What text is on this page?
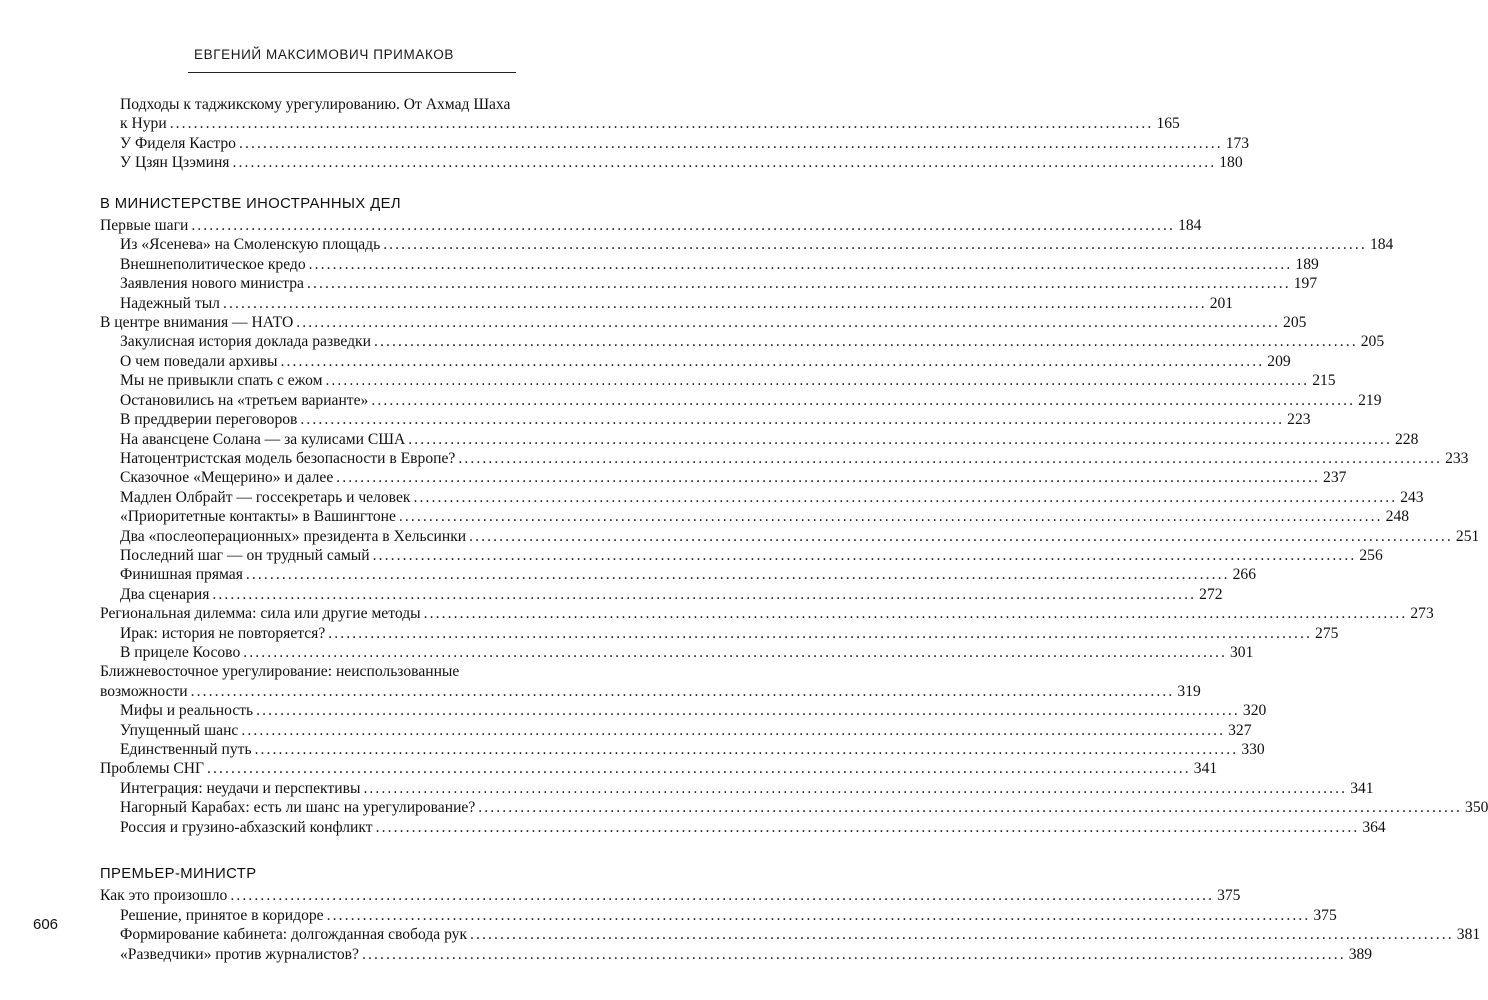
ЕВГЕНИЙ МАКСИМОВИЧ ПРИМАКОВ
Подходы к таджикскому урегулированию. От Ахмад Шаха
к Нури .................................................................................................................................................................... 165
У Фиделя Кастро .................................................................................................................................................................... 173
У Цзян Цзэминя .................................................................................................................................................................... 180
В МИНИСТЕРСТВЕ ИНОСТРАННЫХ ДЕЛ
Первые шаги .................................................................................................................................................................... 184
Из «Ясенева» на Смоленскую площадь .................................................................................................................................................................... 184
Внешнеполитическое кредо .................................................................................................................................................................... 189
Заявления нового министра .................................................................................................................................................................... 197
Надежный тыл .................................................................................................................................................................... 201
В центре внимания — НАТО .................................................................................................................................................................... 205
Закулисная история доклада разведки .................................................................................................................................................................... 205
О чем поведали архивы .................................................................................................................................................................... 209
Мы не привыкли спать с ежом .................................................................................................................................................................... 215
Остановились на «третьем варианте» .................................................................................................................................................................... 219
В преддверии переговоров .................................................................................................................................................................... 223
На авансцене Солана — за кулисами США .................................................................................................................................................................... 228
Натоцентристская модель безопасности в Европе? .................................................................................................................................................................... 233
Сказочное «Мещерино» и далее .................................................................................................................................................................... 237
Мадлен Олбрайт — госсекретарь и человек .................................................................................................................................................................... 243
«Приоритетные контакты» в Вашингтоне .................................................................................................................................................................... 248
Два «послеоперационных» президента в Хельсинки .................................................................................................................................................................... 251
Последний шаг — он трудный самый .................................................................................................................................................................... 256
Финишная прямая .................................................................................................................................................................... 266
Два сценария .................................................................................................................................................................... 272
Региональная дилемма: сила или другие методы .................................................................................................................................................................... 273
Ирак: история не повторяется? .................................................................................................................................................................... 275
В прицеле Косово .................................................................................................................................................................... 301
Ближневосточное урегулирование: неиспользованные
возможности .................................................................................................................................................................... 319
Мифы и реальность .................................................................................................................................................................... 320
Упущенный шанс .................................................................................................................................................................... 327
Единственный путь .................................................................................................................................................................... 330
Проблемы СНГ .................................................................................................................................................................... 341
Интеграция: неудачи и перспективы .................................................................................................................................................................... 341
Нагорный Карабах: есть ли шанс на урегулирование? .................................................................................................................................................................... 350
Россия и грузино-абхазский конфликт .................................................................................................................................................................... 364
ПРЕМЬЕР-МИНИСТР
Как это произошло .................................................................................................................................................................... 375
Решение, принятое в коридоре .................................................................................................................................................................... 375
Формирование кабинета: долгожданная свобода рук .................................................................................................................................................................... 381
«Разведчики» против журналистов? .................................................................................................................................................................... 389
606
